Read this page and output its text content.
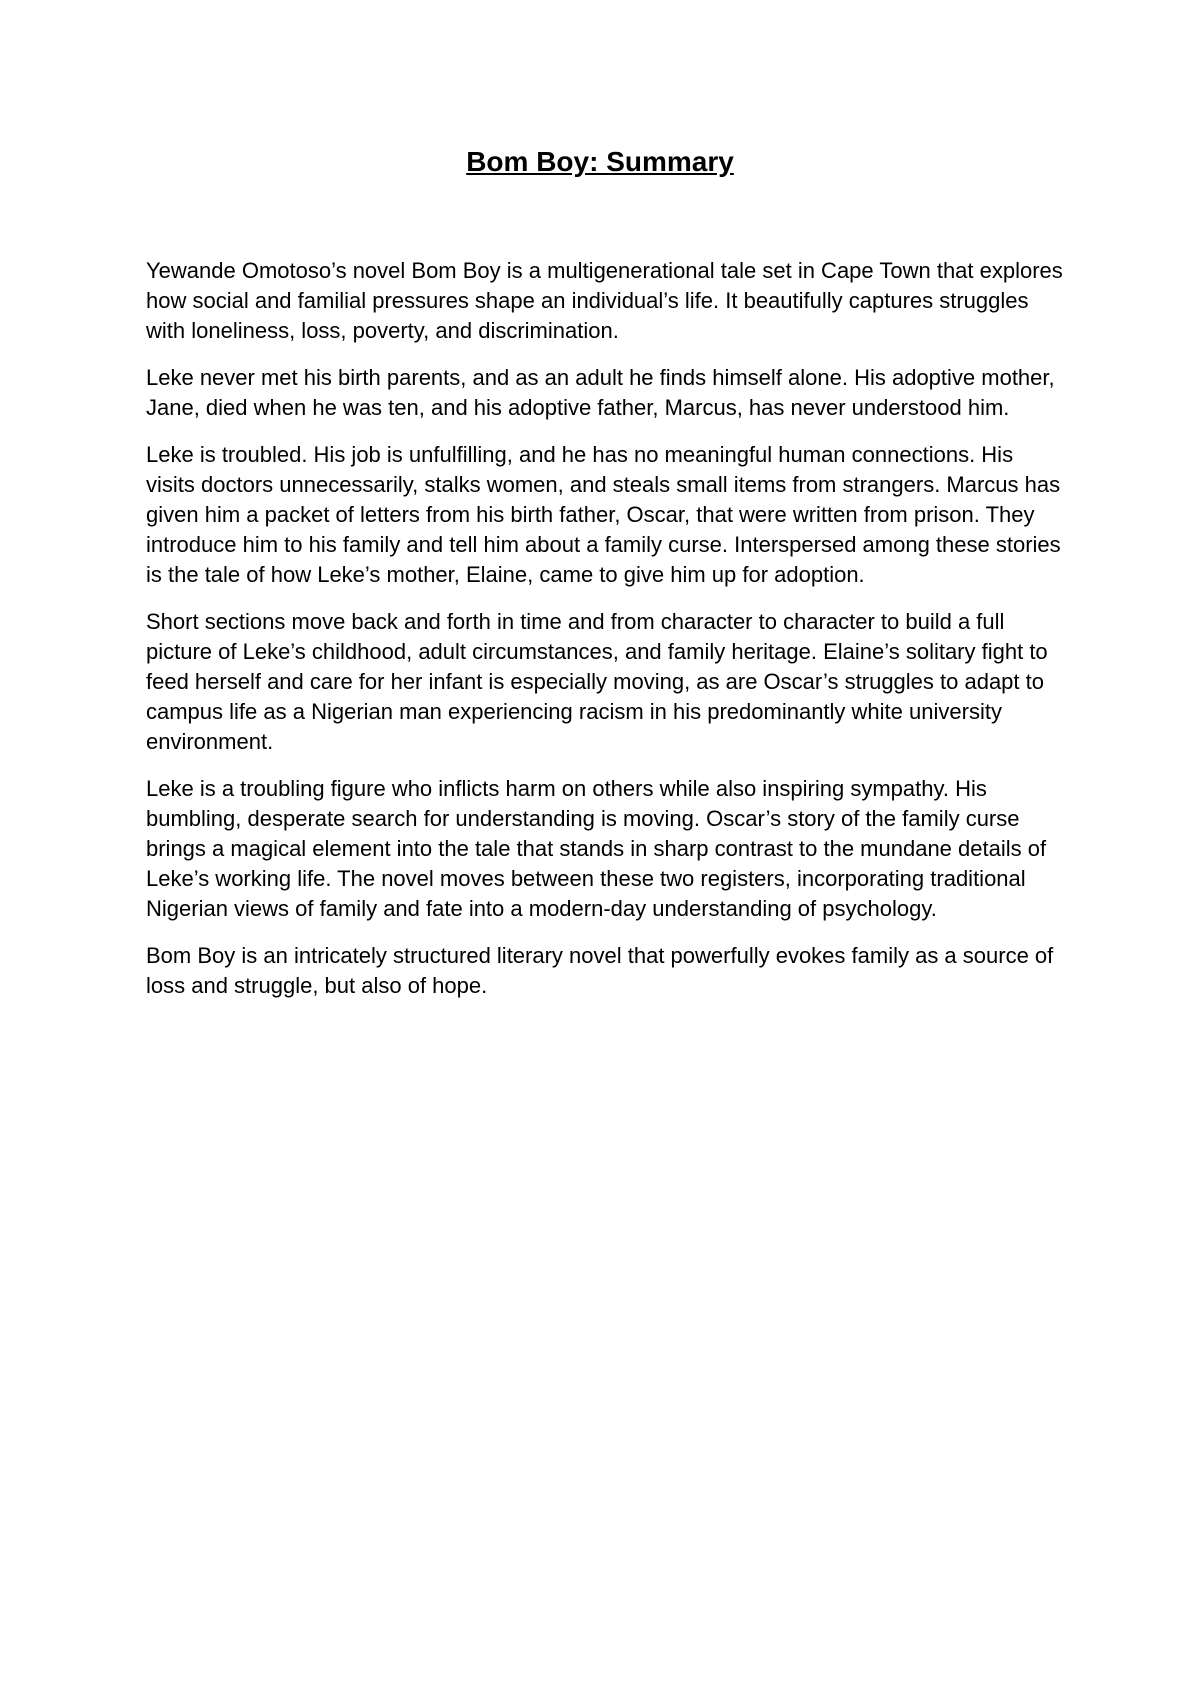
Bom Boy: Summary

Yewande Omotoso’s novel Bom Boy is a multigenerational tale set in Cape Town that explores how social and familial pressures shape an individual’s life. It beautifully captures struggles with loneliness, loss, poverty, and discrimination.

Leke never met his birth parents, and as an adult he finds himself alone. His adoptive mother, Jane, died when he was ten, and his adoptive father, Marcus, has never understood him.

Leke is troubled. His job is unfulfilling, and he has no meaningful human connections. His visits doctors unnecessarily, stalks women, and steals small items from strangers. Marcus has given him a packet of letters from his birth father, Oscar, that were written from prison. They introduce him to his family and tell him about a family curse. Interspersed among these stories is the tale of how Leke’s mother, Elaine, came to give him up for adoption.

Short sections move back and forth in time and from character to character to build a full picture of Leke’s childhood, adult circumstances, and family heritage. Elaine’s solitary fight to feed herself and care for her infant is especially moving, as are Oscar’s struggles to adapt to campus life as a Nigerian man experiencing racism in his predominantly white university environment.

Leke is a troubling figure who inflicts harm on others while also inspiring sympathy. His bumbling, desperate search for understanding is moving. Oscar’s story of the family curse brings a magical element into the tale that stands in sharp contrast to the mundane details of Leke’s working life. The novel moves between these two registers, incorporating traditional Nigerian views of family and fate into a modern-day understanding of psychology.

Bom Boy is an intricately structured literary novel that powerfully evokes family as a source of loss and struggle, but also of hope.
